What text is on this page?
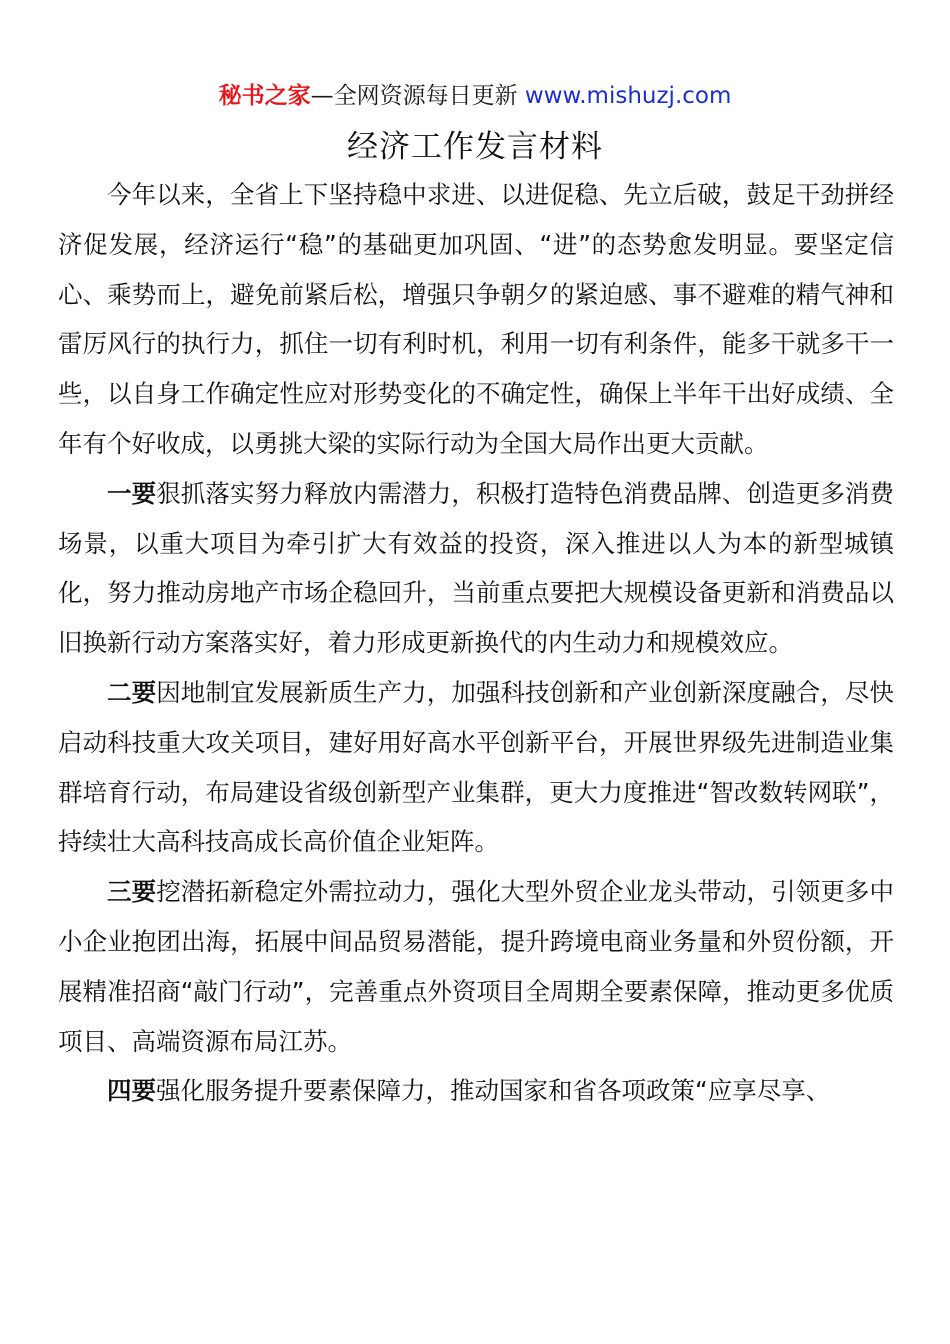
秘书之家—全网资源每日更新 www.mishuzj.com
经济工作发言材料

今年以来，全省上下坚持稳中求进、以进促稳、先立后破，鼓足干劲拼经济促发展，经济运行“稳”的基础更加巩固、“进”的态势愈发明显。要坚定信心、乘势而上，避免前紧后松，增强只争朝夕的紧迫感、事不避难的精气神和雷厉风行的执行力，抓住一切有利时机，利用一切有利条件，能多干就多干一些，以自身工作确定性应对形势变化的不确定性，确保上半年干出好成绩、全年有个好收成，以勇挑大梁的实际行动为全国大局作出更大贡献。

一要狠抓落实努力释放内需潜力，积极打造特色消费品牌、创造更多消费场景，以重大项目为牵引扩大有效益的投资，深入推进以人为本的新型城镇化，努力推动房地产市场企稳回升，当前重点要把大规模设备更新和消费品以旧换新行动方案落实好，着力形成更新换代的内生动力和规模效应。

二要因地制宜发展新质生产力，加强科技创新和产业创新深度融合，尽快启动科技重大攻关项目，建好用好高水平创新平台，开展世界级先进制造业集群培育行动，布局建设省级创新型产业集群，更大力度推进“智改数转网联”，持续壮大高科技高成长高价值企业矩阵。

三要挖潜拓新稳定外需拉动力，强化大型外贸企业龙头带动，引领更多中小企业抱团出海，拓展中间品贸易潜能，提升跨境电商业务量和外贸份额，开展精准招商“敲门行动”，完善重点外资项目全周期全要素保障，推动更多优质项目、高端资源布局江苏。

四要强化服务提升要素保障力，推动国家和省各项政策“应享尽享、
